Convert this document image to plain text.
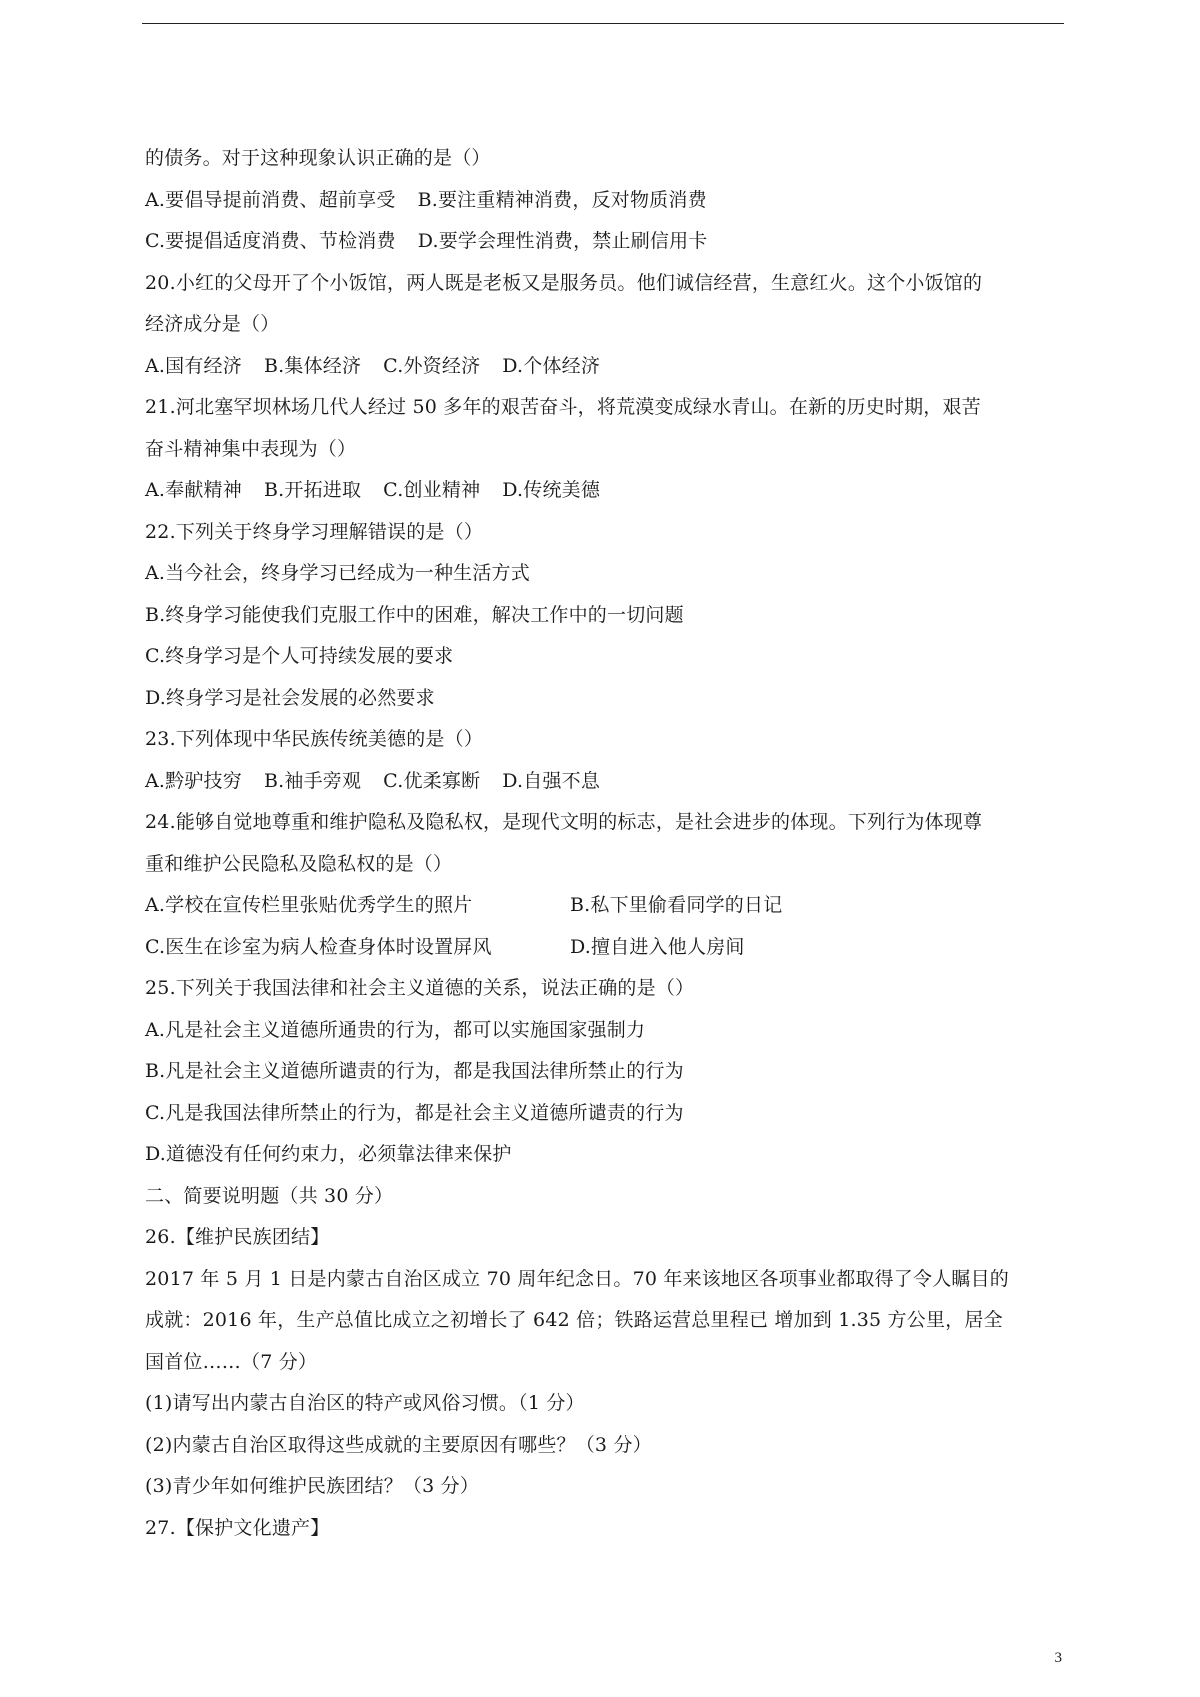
的债务。对于这种现象认识正确的是（）
A.要倡导提前消费、超前享受 B.要注重精神消费，反对物质消费
C.要提倡适度消费、节检消费 D.要学会理性消费，禁止刷信用卡
20.小红的父母开了个小饭馆，两人既是老板又是服务员。他们诚信经营，生意红火。这个小饭馆的
经济成分是（）
A.国有经济 B.集体经济 C.外资经济 D.个体经济
21.河北塞罕坝林场几代人经过 50 多年的艰苦奋斗，将荒漠变成绿水青山。在新的历史时期，艰苦
奋斗精神集中表现为（）
A.奉献精神 B.开拓进取 C.创业精神 D.传统美德
22.下列关于终身学习理解错误的是（）
A.当今社会，终身学习已经成为一种生活方式
B.终身学习能使我们克服工作中的困难，解决工作中的一切问题
C.终身学习是个人可持续发展的要求
D.终身学习是社会发展的必然要求
23.下列体现中华民族传统美德的是（）
A.黔驴技穷 B.袖手旁观 C.优柔寡断 D.自强不息
24.能够自觉地尊重和维护隐私及隐私权，是现代文明的标志，是社会进步的体现。下列行为体现尊
重和维护公民隐私及隐私权的是（）
A.学校在宣传栏里张贴优秀学生的照片	B.私下里偷看同学的日记
C.医生在诊室为病人检查身体时设置屏风	D.擅自进入他人房间
25.下列关于我国法律和社会主义道德的关系，说法正确的是（）
A.凡是社会主义道德所通贵的行为，都可以实施国家强制力
B.凡是社会主义道德所谴责的行为，都是我国法律所禁止的行为
C.凡是我国法律所禁止的行为，都是社会主义道德所谴责的行为
D.道德没有任何约束力，必须靠法律来保护
二、简要说明题（共 30 分）
26.【维护民族团结】
2017 年 5 月 1 日是内蒙古自治区成立 70 周年纪念日。70 年来该地区各项事业都取得了令人瞩目的
成就：2016 年，生产总值比成立之初增长了 642 倍；铁路运营总里程已 增加到 1.35 方公里，居全
国首位……（7 分）
(1)请写出内蒙古自治区的特产或风俗习惯。（1 分）
(2)内蒙古自治区取得这些成就的主要原因有哪些？（3 分）
(3)青少年如何维护民族团结？（3 分）
27.【保护文化遗产】
3
